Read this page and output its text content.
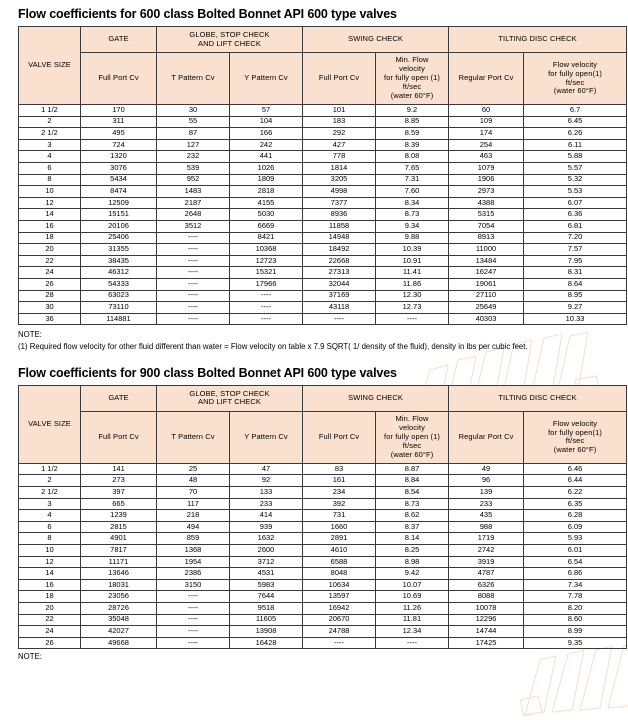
Flow coefficients for 600 class Bolted Bonnet API 600 type valves
VALVE SIZE	GATE	GLOBE, STOP CHECK
AND LIFT CHECK		SWING CHECK		TILTING DISC CHECK	
	Full Port Cv	T Pattern Cv	Y Pattern Cv	Full Port Cv	Min. Flow
velocity
for fully open (1)
ft/sec
(water 60°F)	Regular Port Cv	Flow velocity
for fully open(1)
ft/sec
(water 60°F)
1 1/2	170	30	57	101	9.2	60	6.7
2	311	55	104	183	8.85	109	6.45
2 1/2	495	87	166	292	8.59	174	6.26
3	724	127	242	427	8.39	254	6.11
4	1320	232	441	778	8.08	463	5.88
6	3076	539	1026	1814	7.65	1079	5.57
8	5434	952	1809	3205	7.31	1906	5.32
10	8474	1483	2818	4998	7.60	2973	5.53
12	12509	2187	4155	7377	8.34	4388	6.07
14	15151	2648	5030	8936	8.73	5315	6.36
16	20106	3512	6669	11858	9.34	7054	6.81
18	25406	----	8421	14948	9.88	8913	7.20
20	31355	----	10368	18492	10.39	11000	7.57
22	38435	----	12723	22668	10.91	13484	7.95
24	46312	----	15321	27313	11.41	16247	8.31
26	54333	----	17966	32044	11.86	19061	8.64
28	63023	----	----	37169	12.30	27110	8.95
30	73110	----	----	43118	12.73	25649	9.27
36	114881	----	----	----	----	40303	10.33
NOTE:
(1) Required flow velocity for other fluid different than water = Flow velocity on table x 7.9 SQRT( 1/ density of the fluid), density in lbs per cubic feet.
Flow coefficients for 900 class Bolted Bonnet API 600 type valves
VALVE SIZE	GATE	GLOBE, STOP CHECK
AND LIFT CHECK		SWING CHECK		TILTING DISC CHECK	
	Full Port Cv	T Pattern Cv	Y Pattern Cv	Full Port Cv	Min. Flow
velocity
for fully open (1)
ft/sec
(water 60°F)	Regular Port Cv	Flow velocity
for fully open(1)
ft/sec
(water 60°F)
1 1/2	141	25	47	83	8.87	49	6.46
2	273	48	92	161	8.84	96	6.44
2 1/2	397	70	133	234	8.54	139	6.22
3	665	117	233	392	8.73	233	6.35
4	1239	218	414	731	8.62	435	6.28
6	2815	494	939	1660	8.37	988	6.09
8	4901	859	1632	2891	8.14	1719	5.93
10	7817	1368	2600	4610	8.25	2742	6.01
12	11171	1954	3712	6588	8.98	3919	6.54
14	13646	2386	4531	8048	9.42	4787	6.86
16	18031	3150	5983	10634	10.07	6326	7.34
18	23056	----	7644	13597	10.69	8088	7.78
20	28726	----	9518	16942	11.26	10078	8.20
22	35048	----	11605	20670	11.81	12296	8.60
24	42027	----	13908	24788	12.34	14744	8.99
26	49668	----	16428	----	----	17425	9.35
NOTE:
